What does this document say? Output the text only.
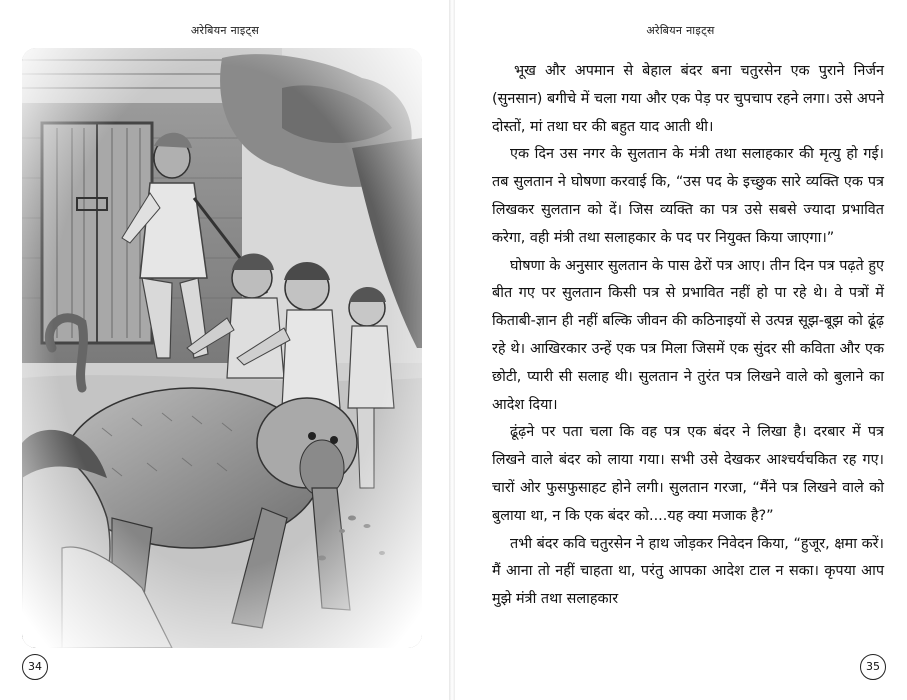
अरेबियन नाइट्स
34
अरेबियन नाइट्स

भूख और अपमान से बेहाल बंदर बना चतुरसेन एक पुराने निर्जन (सुनसान) बगीचे में चला गया और एक पेड़ पर चुपचाप रहने लगा। उसे अपने दोस्तों, मां तथा घर की बहुत याद आती थी।

एक दिन उस नगर के सुलतान के मंत्री तथा सलाहकार की मृत्यु हो गई। तब सुलतान ने घोषणा करवाई कि, “उस पद के इच्छुक सारे व्यक्ति एक पत्र लिखकर सुलतान को दें। जिस व्यक्ति का पत्र उसे सबसे ज्यादा प्रभावित करेगा, वही मंत्री तथा सलाहकार के पद पर नियुक्त किया जाएगा।”

घोषणा के अनुसार सुलतान के पास ढेरों पत्र आए। तीन दिन पत्र पढ़ते हुए बीत गए पर सुलतान किसी पत्र से प्रभावित नहीं हो पा रहे थे। वे पत्रों में किताबी-ज्ञान ही नहीं बल्कि जीवन की कठिनाइयों से उत्पन्न सूझ-बूझ को ढूंढ़ रहे थे। आखिरकार उन्हें एक पत्र मिला जिसमें एक सुंदर सी कविता और एक छोटी, प्यारी सी सलाह थी। सुलतान ने तुरंत पत्र लिखने वाले को बुलाने का आदेश दिया।

ढूंढ़ने पर पता चला कि वह पत्र एक बंदर ने लिखा है। दरबार में पत्र लिखने वाले बंदर को लाया गया। सभी उसे देखकर आश्चर्यचकित रह गए। चारों ओर फुसफुसाहट होने लगी। सुलतान गरजा, “मैंने पत्र लिखने वाले को बुलाया था, न कि एक बंदर को....यह क्या मजाक है?”

तभी बंदर कवि चतुरसेन ने हाथ जोड़कर निवेदन किया, “हुजूर, क्षमा करें। मैं आना तो नहीं चाहता था, परंतु आपका आदेश टाल न सका। कृपया आप मुझे मंत्री तथा सलाहकार

35
